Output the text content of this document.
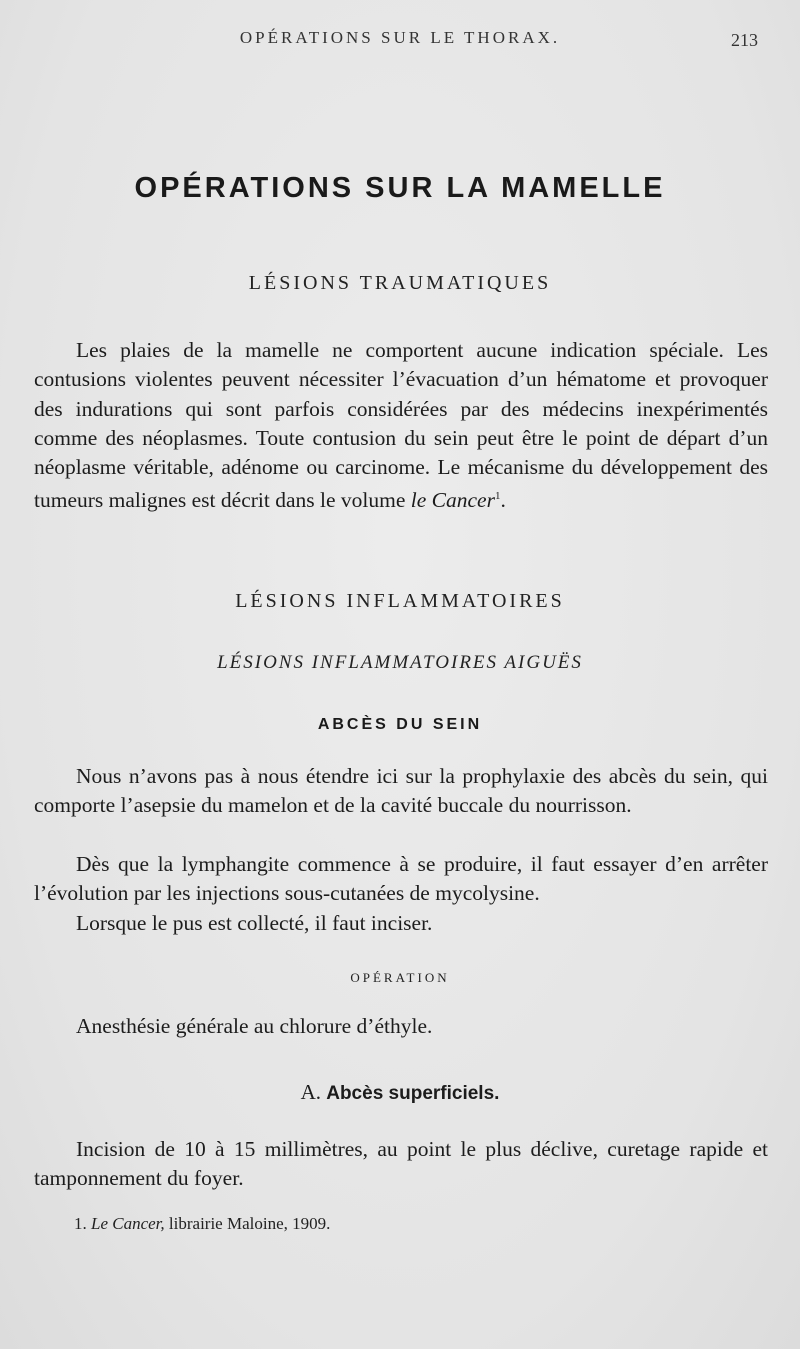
OPÉRATIONS SUR LE THORAX.	213
OPÉRATIONS SUR LA MAMELLE
LÉSIONS TRAUMATIQUES

Les plaies de la mamelle ne comportent aucune indication spéciale. Les contusions violentes peuvent nécessiter l’évacuation d’un hématome et provoquer des indurations qui sont parfois considérées par des médecins inexpérimentés comme des néoplasmes. Toute contusion du sein peut être le point de départ d’un néoplasme véritable, adénome ou carcinome. Le mécanisme du développement des tumeurs malignes est décrit dans le volume le Cancer$^1$.

LÉSIONS INFLAMMATOIRES
LÉSIONS INFLAMMATOIRES AIGUËS
ABCÈS DU SEIN

Nous n’avons pas à nous étendre ici sur la prophylaxie des abcès du sein, qui comporte l’asepsie du mamelon et de la cavité buccale du nourrisson.

Dès que la lymphangite commence à se produire, il faut essayer d’en arrêter l’évolution par les injections sous-cutanées de mycolysine.

Lorsque le pus est collecté, il faut inciser.

OPÉRATION

Anesthésie générale au chlorure d’éthyle.

A. Abcès superficiels.

Incision de 10 à 15 millimètres, au point le plus déclive, curetage rapide et tamponnement du foyer.

1. Le Cancer, librairie Maloine, 1909.
